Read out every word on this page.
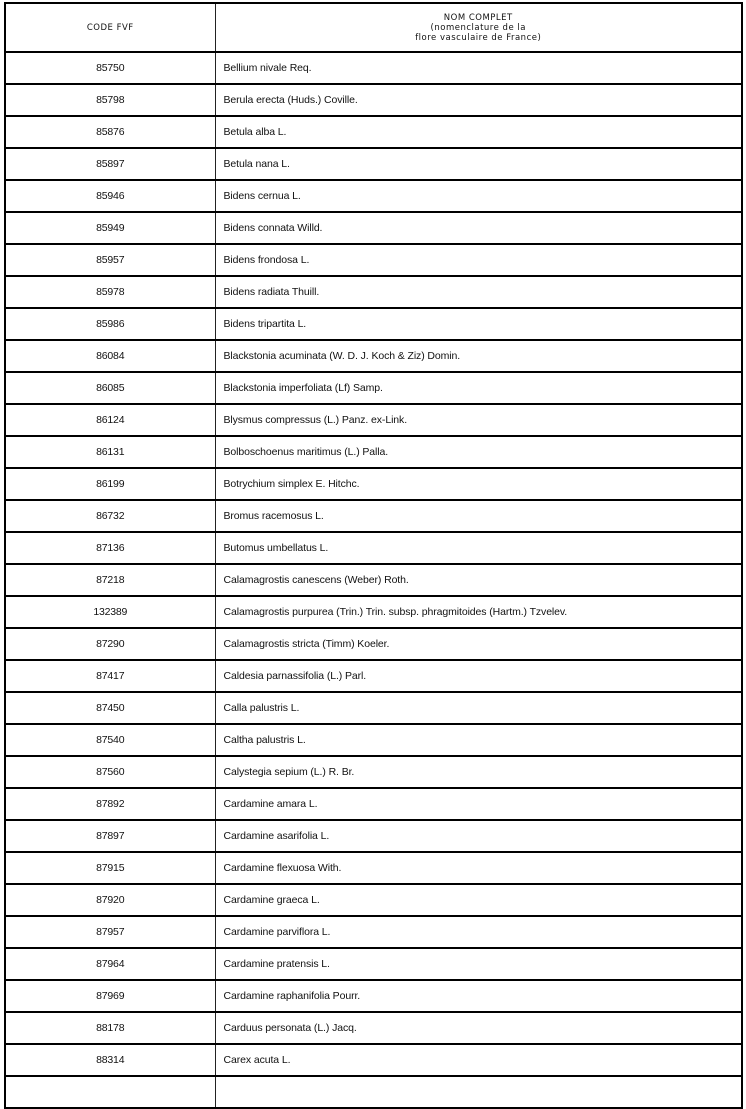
CODE FVF	NOM COMPLET
(nomenclature de la
flore vasculaire de France)

85750	Bellium nivale Req.
85798	Berula erecta (Huds.) Coville.
85876	Betula alba L.
85897	Betula nana L.
85946	Bidens cernua L.
85949	Bidens connata Willd.
85957	Bidens frondosa L.
85978	Bidens radiata Thuill.
85986	Bidens tripartita L.
86084	Blackstonia acuminata (W. D. J. Koch & Ziz) Domin.
86085	Blackstonia imperfoliata (Lf) Samp.
86124	Blysmus compressus (L.) Panz. ex-Link.
86131	Bolboschoenus maritimus (L.) Palla.
86199	Botrychium simplex E. Hitchc.
86732	Bromus racemosus L.
87136	Butomus umbellatus L.
87218	Calamagrostis canescens (Weber) Roth.
132389	Calamagrostis purpurea (Trin.) Trin. subsp. phragmitoides (Hartm.) Tzvelev.
87290	Calamagrostis stricta (Timm) Koeler.
87417	Caldesia parnassifolia (L.) Parl.
87450	Calla palustris L.
87540	Caltha palustris L.
87560	Calystegia sepium (L.) R. Br.
87892	Cardamine amara L.
87897	Cardamine asarifolia L.
87915	Cardamine flexuosa With.
87920	Cardamine graeca L.
87957	Cardamine parviflora L.
87964	Cardamine pratensis L.
87969	Cardamine raphanifolia Pourr.
88178	Carduus personata (L.) Jacq.
88314	Carex acuta L.
